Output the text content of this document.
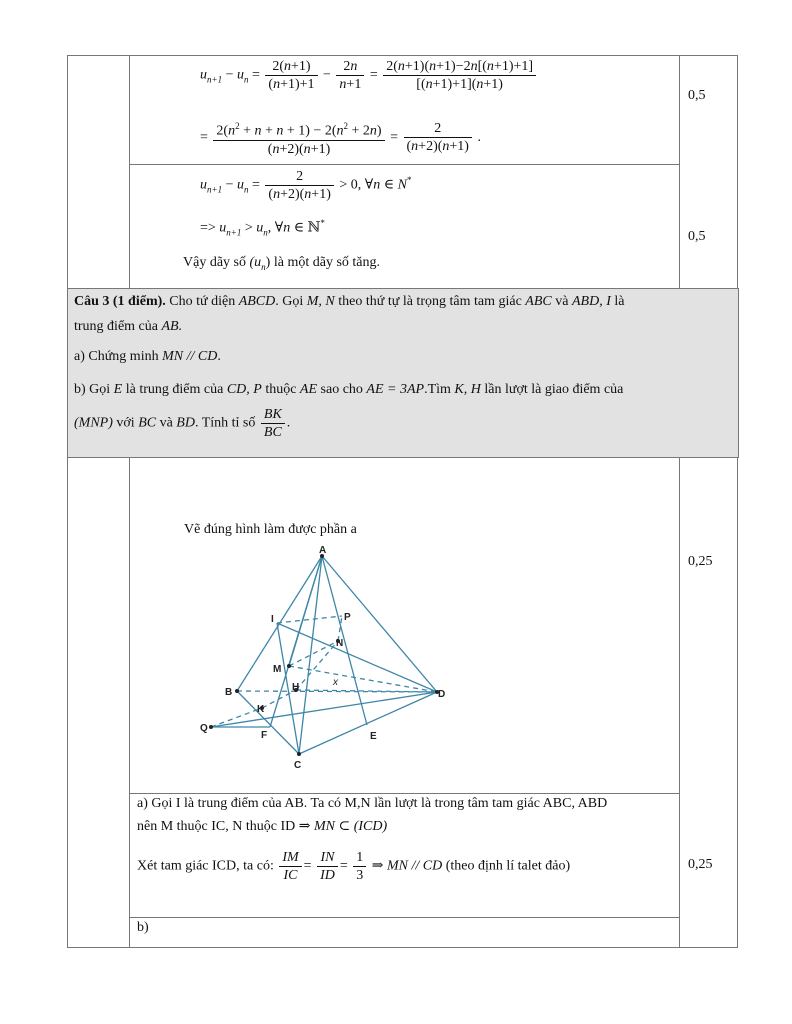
$u_{n+1} - u_n = \frac{2(n+1)}{(n+1)+1} - \frac{2n}{n+1} = \frac{2(n+1)(n+1)-2n[(n+1)+1]}{[(n+1)+1](n+1)}$
= $\frac{2(n^2 + n + n + 1) - 2(n^2 + 2n)}{(n+2)(n+1)} = \frac{2}{(n+2)(n+1)}$ .
0,5
$u_{n+1} - u_n = \frac{2}{(n+2)(n+1)} > 0$, ∀n ∈ N*
=> $u_{n+1} > u_n$, ∀n ∈ ℕ*
Vậy dãy số $(u_n)$ là một dãy số tăng.
0,5
Câu 3 (1 điểm). Cho tứ diện ABCD. Gọi M, N theo thứ tự là trọng tâm tam giác ABC và ABD, I là
trung điểm của AB.
a) Chứng minh MN // CD.
b) Gọi E là trung điểm của CD, P thuộc AE sao cho AE = 3AP.Tìm K, H lần lượt là giao điểm của
(MNP) với BC và BD. Tính tỉ số $\frac{BK}{BC}$ .
Vẽ đúng hình làm được phần a
0,25
A
I	P
N
M
H	x
B	D
K
Q
F	E
C
a) Gọi I là trung điểm của AB. Ta có M,N lần lượt là trong tâm tam giác ABC, ABD
nên M thuộc IC, N thuộc ID ⇒ MN ⊂ (ICD)
Xét tam giác ICD, ta có: $\frac{IM}{IC} = \frac{IN}{ID} = \frac{1}{3}$ ⇒ MN // CD (theo định lí talet đảo)	0,25
b)
